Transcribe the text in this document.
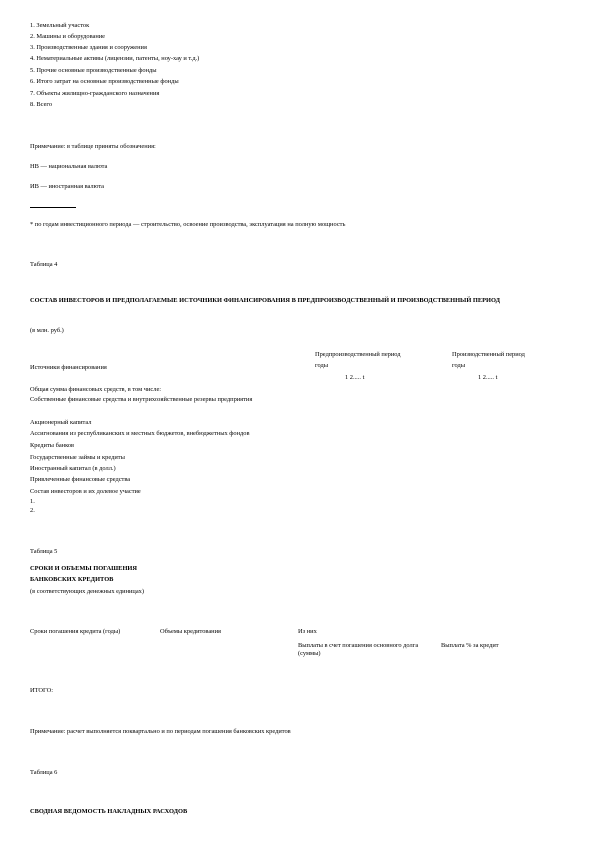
1. Земельный участок
2. Машины и оборудование
3. Производственные здания и сооружения
4. Нематериальные активы (лицензии, патенты, ноу-хау и т.д.)
5. Прочие основные производственные фонды
6. Итого затрат на основные производственные фонды
7. Объекты жилищно-гражданского назначения
8. Всего
Примечание: в таблице приняты обозначения:
НВ — национальная валюта
ИВ — иностранная валюта
* по годам инвестиционного периода — строительство, освоение производства, эксплуатация на полную мощность
Таблица 4
СОСТАВ ИНВЕСТОРОВ И ПРЕДПОЛАГАЕМЫЕ ИСТОЧНИКИ ФИНАНСИРОВАНИЯ В ПРЕДПРОИЗВОДСТВЕННЫЙ И ПРОИЗВОДСТВЕННЫЙ ПЕРИОД
(в млн. руб.)
Источники финансирования
Предпроизводственный период
годы
1 2..... t
Производственный период
годы
1 2..... t
Общая сумма финансовых средств, в том числе:
Собственные финансовые средства и внутрихозяйственные резервы предприятия
Акционерный капитал
Ассигнования из республиканских и местных бюджетов, внебюджетных фондов
Кредиты банков
Государственные займы и кредиты
Иностранный капитал (в долл.)
Привлеченные финансовые средства
Состав инвесторов и их долевое участие
1.
2.
Таблица 5
СРОКИ И ОБЪЕМЫ ПОГАШЕНИЯ
БАНКОВСКИХ КРЕДИТОВ
(в соответствующих денежных единицах)
Сроки погашения кредита (годы)	Объемы кредитования	Из них
Выплаты в счет погашения основного долга (суммы)
Выплата % за кредит
ИТОГО:
Примечание: расчет выполняется поквартально и по периодам погашения банковских кредитов
Таблица 6
СВОДНАЯ ВЕДОМОСТЬ НАКЛАДНЫХ РАСХОДОВ
